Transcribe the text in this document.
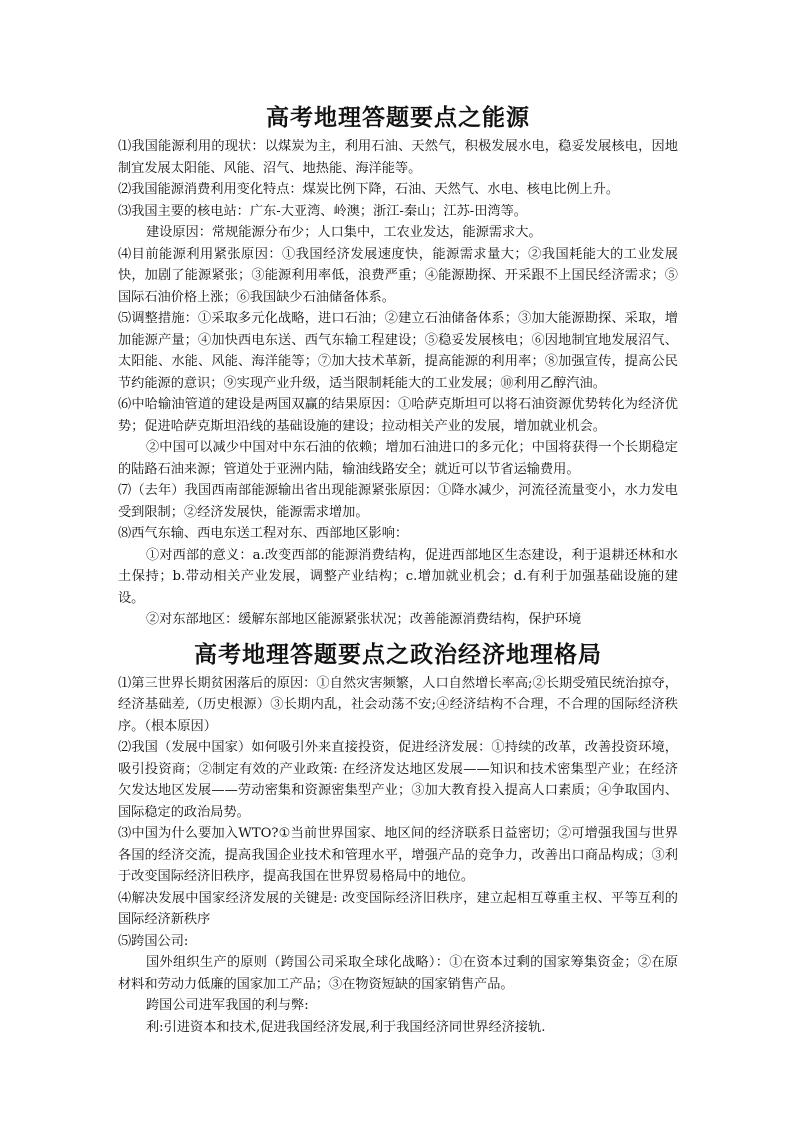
高考地理答题要点之能源

⑴我国能源利用的现状：以煤炭为主，利用石油、天然气，积极发展水电，稳妥发展核电，因地制宜发展太阳能、风能、沼气、地热能、海洋能等。

⑵我国能源消费利用变化特点：煤炭比例下降，石油、天然气、水电、核电比例上升。

⑶我国主要的核电站：广东-大亚湾、岭澳；浙江-秦山；江苏-田湾等。

建设原因：常规能源分布少；人口集中，工农业发达，能源需求大。

⑷目前能源利用紧张原因：①我国经济发展速度快，能源需求量大；②我国耗能大的工业发展快，加剧了能源紧张；③能源利用率低，浪费严重；④能源勘探、开采跟不上国民经济需求；⑤国际石油价格上涨；⑥我国缺少石油储备体系。

⑸调整措施：①采取多元化战略，进口石油；②建立石油储备体系；③加大能源勘探、采取，增加能源产量；④加快西电东送、西气东输工程建设；⑤稳妥发展核电；⑥因地制宜地发展沼气、太阳能、水能、风能、海洋能等；⑦加大技术革新，提高能源的利用率；⑧加强宣传，提高公民节约能源的意识；⑨实现产业升级，适当限制耗能大的工业发展；⑩利用乙醇汽油。

⑹中哈输油管道的建设是两国双赢的结果原因：①哈萨克斯坦可以将石油资源优势转化为经济优势；促进哈萨克斯坦沿线的基础设施的建设；拉动相关产业的发展，增加就业机会。

②中国可以减少中国对中东石油的依赖；增加石油进口的多元化；中国将获得一个长期稳定的陆路石油来源；管道处于亚洲内陆，输油线路安全；就近可以节省运输费用。

⑺（去年）我国西南部能源输出省出现能源紧张原因：①降水减少，河流径流量变小，水力发电受到限制；②经济发展快，能源需求增加。

⑻西气东输、西电东送工程对东、西部地区影响：

①对西部的意义：a.改变西部的能源消费结构，促进西部地区生态建设，利于退耕还林和水土保持；b.带动相关产业发展，调整产业结构；c.增加就业机会；d.有利于加强基础设施的建设。

②对东部地区：缓解东部地区能源紧张状况；改善能源消费结构，保护环境

高考地理答题要点之政治经济地理格局

⑴第三世界长期贫困落后的原因：①自然灾害频繁，人口自然增长率高;②长期受殖民统治掠夺，经济基础差,（历史根源）③长期内乱，社会动荡不安;④经济结构不合理，不合理的国际经济秩序。（根本原因）

⑵我国（发展中国家）如何吸引外来直接投资，促进经济发展：①持续的改革，改善投资环境，吸引投资商；②制定有效的产业政策: 在经济发达地区发展——知识和技术密集型产业；在经济欠发达地区发展——劳动密集和资源密集型产业；③加大教育投入提高人口素质；④争取国内、国际稳定的政治局势。

⑶中国为什么要加入WTO?①当前世界国家、地区间的经济联系日益密切；②可增强我国与世界各国的经济交流，提高我国企业技术和管理水平，增强产品的竞争力，改善出口商品构成；③利于改变国际经济旧秩序，提高我国在世界贸易格局中的地位。

⑷解决发展中国家经济发展的关键是: 改变国际经济旧秩序，建立起相互尊重主权、平等互利的国际经济新秩序

⑸跨国公司:

国外组织生产的原则（跨国公司采取全球化战略）：①在资本过剩的国家筹集资金；②在原材料和劳动力低廉的国家加工产品；③在物资短缺的国家销售产品。

跨国公司进军我国的利与弊:

利:引进资本和技术,促进我国经济发展,利于我国经济同世界经济接轨.
